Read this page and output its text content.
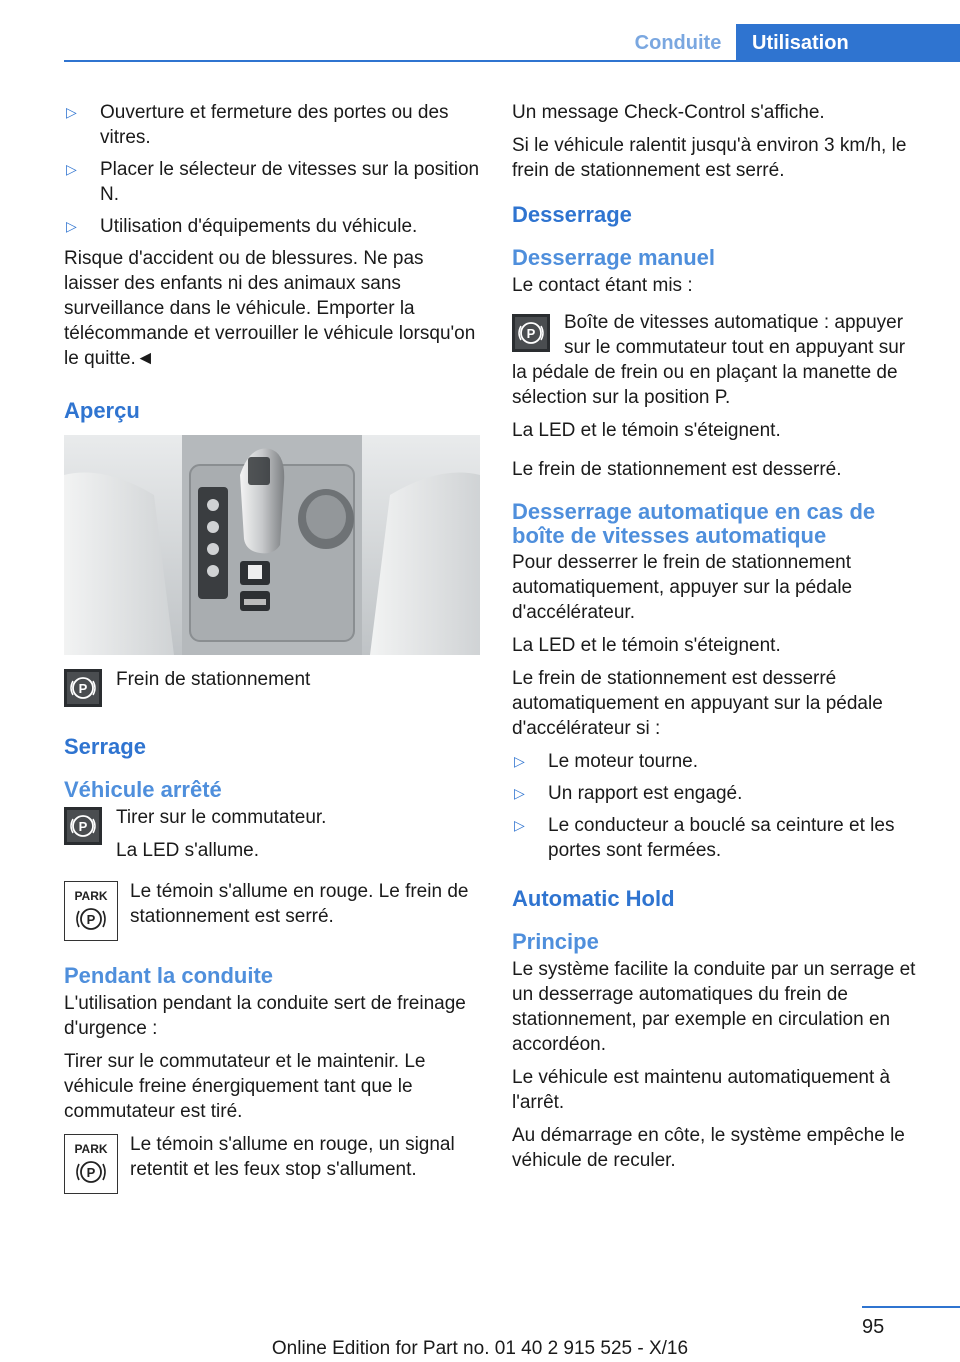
Conduite	Utilisation
▷	Ouverture et fermeture des portes ou des vitres.
▷	Placer le sélecteur de vitesses sur la position N.
▷	Utilisation d'équipements du véhicule.

Risque d'accident ou de blessures. Ne pas laisser des enfants ni des animaux sans surveillance dans le véhicule. Emporter la télécommande et verrouiller le véhicule lorsqu'on le quitte.◄

Aperçu
P Frein de stationnement

Serrage
Véhicule arrêté
P Tirer sur le commutateur.

La LED s'allume.

PARK
P

Le témoin s'allume en rouge. Le frein de stationnement est serré.

Pendant la conduite

L'utilisation pendant la conduite sert de freinage d'urgence :

Tirer sur le commutateur et le maintenir. Le véhicule freine énergiquement tant que le commutateur est tiré.

PARK
P

Le témoin s'allume en rouge, un signal retentit et les feux stop s'allument.

Un message Check-Control s'affiche.

Si le véhicule ralentit jusqu'à environ 3 km/h, le frein de stationnement est serré.

Desserrage
Desserrage manuel

Le contact étant mis :

P
Boîte de vitesses automatique : appuyer sur le commutateur tout en appuyant sur la pédale de frein ou en plaçant la manette de sélection sur la position P.

La LED et le témoin s'éteignent.

Le frein de stationnement est desserré.

Desserrage automatique en cas de boîte de vitesses automatique

Pour desserrer le frein de stationnement automatiquement, appuyer sur la pédale d'accélérateur.

La LED et le témoin s'éteignent.

Le frein de stationnement est desserré automatiquement en appuyant sur la pédale d'accélérateur si :

▷	Le moteur tourne.
▷	Un rapport est engagé.
▷	Le conducteur a bouclé sa ceinture et les portes sont fermées.
Automatic Hold
Principe

Le système facilite la conduite par un serrage et un desserrage automatiques du frein de stationnement, par exemple en circulation en accordéon.

Le véhicule est maintenu automatiquement à l'arrêt.

Au démarrage en côte, le système empêche le véhicule de reculer.

95
Online Edition for Part no. 01 40 2 915 525 - X/16
